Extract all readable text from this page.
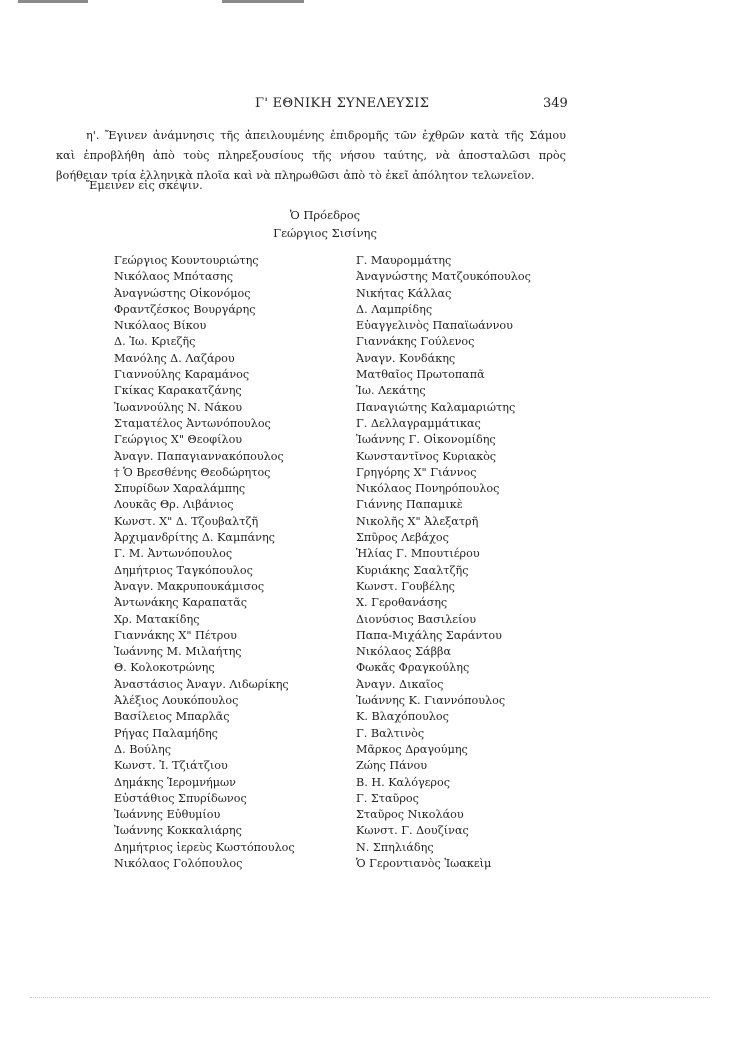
Γ' ΕΘΝΙΚΗ ΣΥΝΕΛΕΥΣΙΣ	349

η'. Ἔγινεν ἀνάμνησις τῆς ἀπειλουμένης ἐπιδρομῆς τῶν ἐχθρῶν κατὰ τῆς Σάμου καὶ ἐπροβλήθη ἀπὸ τοὺς πληρεξουσίους τῆς νήσου ταύτης, νὰ ἀποσταλῶσι πρὸς βοήθειαν τρία ἑλληνικὰ πλοῖα καὶ νὰ πληρωθῶσι ἀπὸ τὸ ἐκεῖ ἀπόλητον τελωνεῖον.

Ἔμεινεν εἰς σκέψιν.

Ὁ Πρόεδρος
Γεώργιος Σισίνης
Γεώργιος Κουντουριώτης
Νικόλαος Μπότασης
Ἀναγνώστης Οἰκονόμος
Φραντζέσκος Βουργάρης
Νικόλαος Βίκου
Δ. Ἰω. Κριεζῆς
Μανόλης Δ. Λαζάρου
Γιαννούλης Καραμάνος
Γκίκας Καρακατζάνης
Ἰωαννούλης Ν. Νάκου
Σταματέλος Ἀντωνόπουλος
Γεώργιος Χ" Θεοφίλου
Ἀναγν. Παπαγιαννακόπουλος
† Ὁ Βρεσθένης Θεοδώρητος
Σπυρίδων Χαραλάμπης
Λουκᾶς Θρ. Λιβάνιος
Κωνστ. Χ" Δ. Τζουβαλτζῆ
Ἀρχιμανδρίτης Δ. Καμπάνης
Γ. Μ. Ἀντωνόπουλος
Δημήτριος Ταγκόπουλος
Ἀναγν. Μακρυπουκάμισος
Ἀντωνάκης Καραπατᾶς
Χρ. Ματακίδης
Γιαννάκης Χ" Πέτρου
Ἰωάννης Μ. Μιλαήτης
Θ. Κολοκοτρώνης
Ἀναστάσιος Ἀναγν. Λιδωρίκης
Ἀλέξιος Λουκόπουλος
Βασίλειος Μπαρλᾶς
Ρήγας Παλαμήδης
Δ. Βούλης
Κωνστ. Ἰ. Τζιάτζιου
Δημάκης Ἱερομνήμων
Εὐστάθιος Σπυρίδωνος
Ἰωάννης Εὐθυμίου
Ἰωάννης Κοκκαλιάρης
Δημήτριος ἱερεὺς Κωστόπουλος
Νικόλαος Γολόπουλος
Γ. Μαυρομμάτης
Ἀναγνώστης Ματζουκόπουλος
Νικήτας Κάλλας
Δ. Λαμπρίδης
Εὐαγγελινὸς Παπαϊωάννου
Γιαννάκης Γούλενος
Ἀναγν. Κονδάκης
Ματθαῖος Πρωτοπαπᾶ
Ἰω. Λεκάτης
Παναγιώτης Καλαμαριώτης
Γ. Δελλαγραμμάτικας
Ἰωάννης Γ. Οἰκονομίδης
Κωνσταντῖνος Κυριακὸς
Γρηγόρης Χ" Γιάννος
Νικόλαος Πονηρόπουλος
Γιάννης Παπαμικὲ
Νικολῆς Χ" Ἀλεξατρῆ
Σπῦρος Λεβάχος
Ἡλίας Γ. Μπουτιέρου
Κυριάκης Σααλτζῆς
Κωνστ. Γουβέλης
Χ. Γεροθανάσης
Διονύσιος Βασιλείου
Παπα-Μιχάλης Σαράντου
Νικόλαος Σάββα
Φωκᾶς Φραγκούλης
Ἀναγν. Δικαῖος
Ἰωάννης Κ. Γιαννόπουλος
Κ. Βλαχόπουλος
Γ. Βαλτινὸς
Μᾶρκος Δραγούμης
Ζώης Πάνου
Β. Η. Καλόγερος
Γ. Σταῦρος
Σταῦρος Νικολάου
Κωνστ. Γ. Δουζίνας
Ν. Σπηλιάδης
Ὁ Γεροντιανὸς Ἰωακεὶμ
